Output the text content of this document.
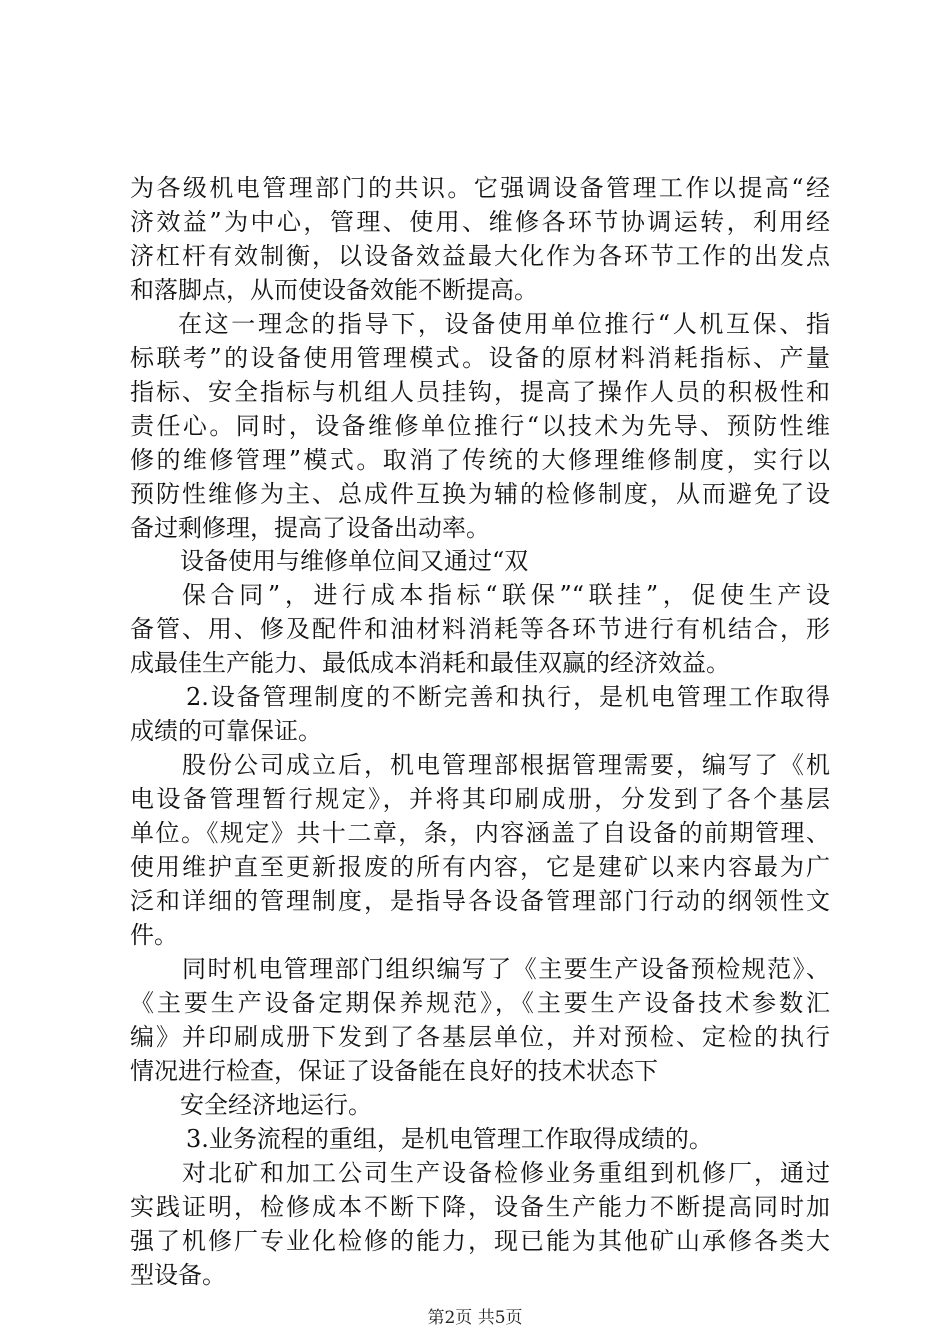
为各级机电管理部门的共识。它强调设备管理工作以提高“经
济效益”为中心，管理、使用、维修各环节协调运转，利用经
济杠杆有效制衡，以设备效益最大化作为各环节工作的出发点
和落脚点，从而使设备效能不断提高。
在这一理念的指导下，设备使用单位推行“人机互保、指
标联考”的设备使用管理模式。设备的原材料消耗指标、产量
指标、安全指标与机组人员挂钩，提高了操作人员的积极性和
责任心。同时，设备维修单位推行“以技术为先导、预防性维
修的维修管理”模式。取消了传统的大修理维修制度，实行以
预防性维修为主、总成件互换为辅的检修制度，从而避免了设
备过剩修理，提高了设备出动率。
设备使用与维修单位间又通过“双
保合同”，进行成本指标“联保”“联挂”，促使生产设
备管、用、修及配件和油材料消耗等各环节进行有机结合，形
成最佳生产能力、最低成本消耗和最佳双赢的经济效益。
2.设备管理制度的不断完善和执行，是机电管理工作取得
成绩的可靠保证。
股份公司成立后，机电管理部根据管理需要，编写了《机
电设备管理暂行规定》，并将其印刷成册，分发到了各个基层
单位。《规定》共十二章，条，内容涵盖了自设备的前期管理、
使用维护直至更新报废的所有内容，它是建矿以来内容最为广
泛和详细的管理制度，是指导各设备管理部门行动的纲领性文
件。
同时机电管理部门组织编写了《主要生产设备预检规范》、
《主要生产设备定期保养规范》，《主要生产设备技术参数汇
编》并印刷成册下发到了各基层单位，并对预检、定检的执行
情况进行检查，保证了设备能在良好的技术状态下
安全经济地运行。
3.业务流程的重组，是机电管理工作取得成绩的。
对北矿和加工公司生产设备检修业务重组到机修厂，通过
实践证明，检修成本不断下降，设备生产能力不断提高同时加
强了机修厂专业化检修的能力，现已能为其他矿山承修各类大
型设备。
第2页 共5页
